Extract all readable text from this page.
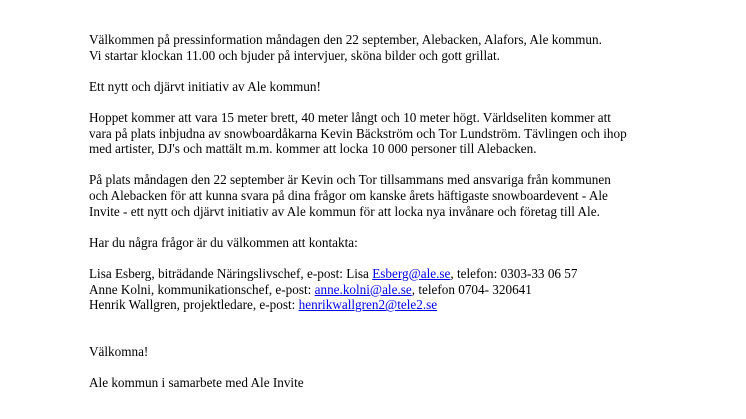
Välkommen på pressinformation måndagen den 22 september, Alebacken, Alafors, Ale kommun.
Vi startar klockan 11.00 och bjuder på intervjuer, sköna bilder och gott grillat.
Ett nytt och djärvt initiativ av Ale kommun!
Hoppet kommer att vara 15 meter brett, 40 meter långt och 10 meter högt. Världseliten kommer att
vara på plats inbjudna av snowboardåkarna Kevin Bäckström och Tor Lundström. Tävlingen och ihop
med artister, DJ's och mattält m.m. kommer att locka 10 000 personer till Alebacken.
På plats måndagen den 22 september är Kevin och Tor tillsammans med ansvariga från kommunen
och Alebacken för att kunna svara på dina frågor om kanske årets häftigaste snowboardevent - Ale
Invite - ett nytt och djärvt initiativ av Ale kommun för att locka nya invånare och företag till Ale.
Har du några frågor är du välkommen att kontakta:
Lisa Esberg, biträdande Näringslivschef, e-post: Lisa Esberg@ale.se, telefon: 0303-33 06 57
Anne Kolni, kommunikationschef, e-post: anne.kolni@ale.se, telefon 0704- 320641
Henrik Wallgren, projektledare, e-post: henrikwallgren2@tele2.se
Välkomna!
Ale kommun i samarbete med Ale Invite
